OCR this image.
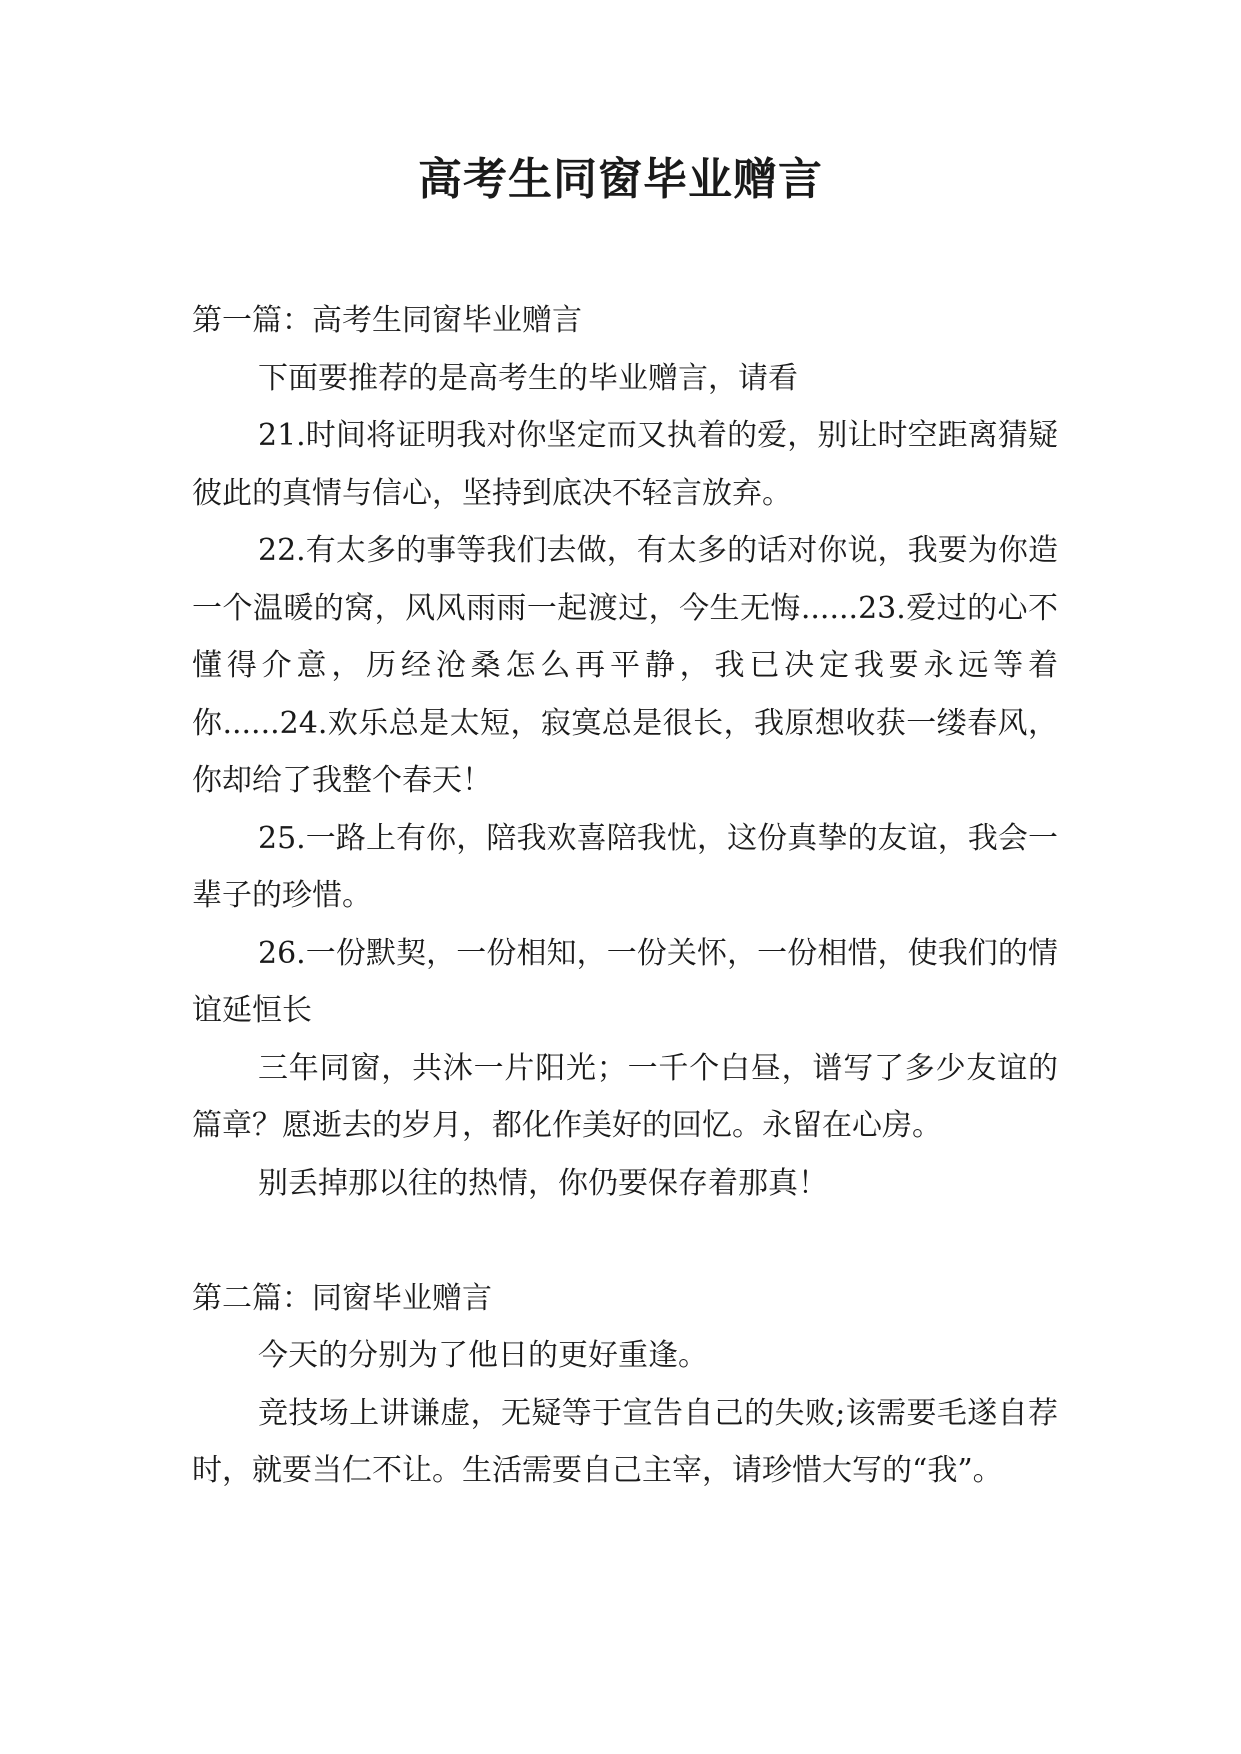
高考生同窗毕业赠言

第一篇：高考生同窗毕业赠言

下面要推荐的是高考生的毕业赠言，请看

21.时间将证明我对你坚定而又执着的爱，别让时空距离猜疑彼此的真情与信心，坚持到底决不轻言放弃。

22.有太多的事等我们去做，有太多的话对你说，我要为你造一个温暖的窝，风风雨雨一起渡过，今生无悔......23.爱过的心不懂得介意，历经沧桑怎么再平静，我已决定我要永远等着你......24.欢乐总是太短，寂寞总是很长，我原想收获一缕春风，你却给了我整个春天！

25.一路上有你，陪我欢喜陪我忧，这份真挚的友谊，我会一辈子的珍惜。

26.一份默契，一份相知，一份关怀，一份相惜，使我们的情谊延恒长

三年同窗，共沐一片阳光；一千个白昼，谱写了多少友谊的篇章？愿逝去的岁月，都化作美好的回忆。永留在心房。

别丢掉那以往的热情，你仍要保存着那真！

第二篇：同窗毕业赠言

今天的分别为了他日的更好重逢。

竞技场上讲谦虚，无疑等于宣告自己的失败;该需要毛遂自荐时，就要当仁不让。生活需要自己主宰，请珍惜大写的“我”。
